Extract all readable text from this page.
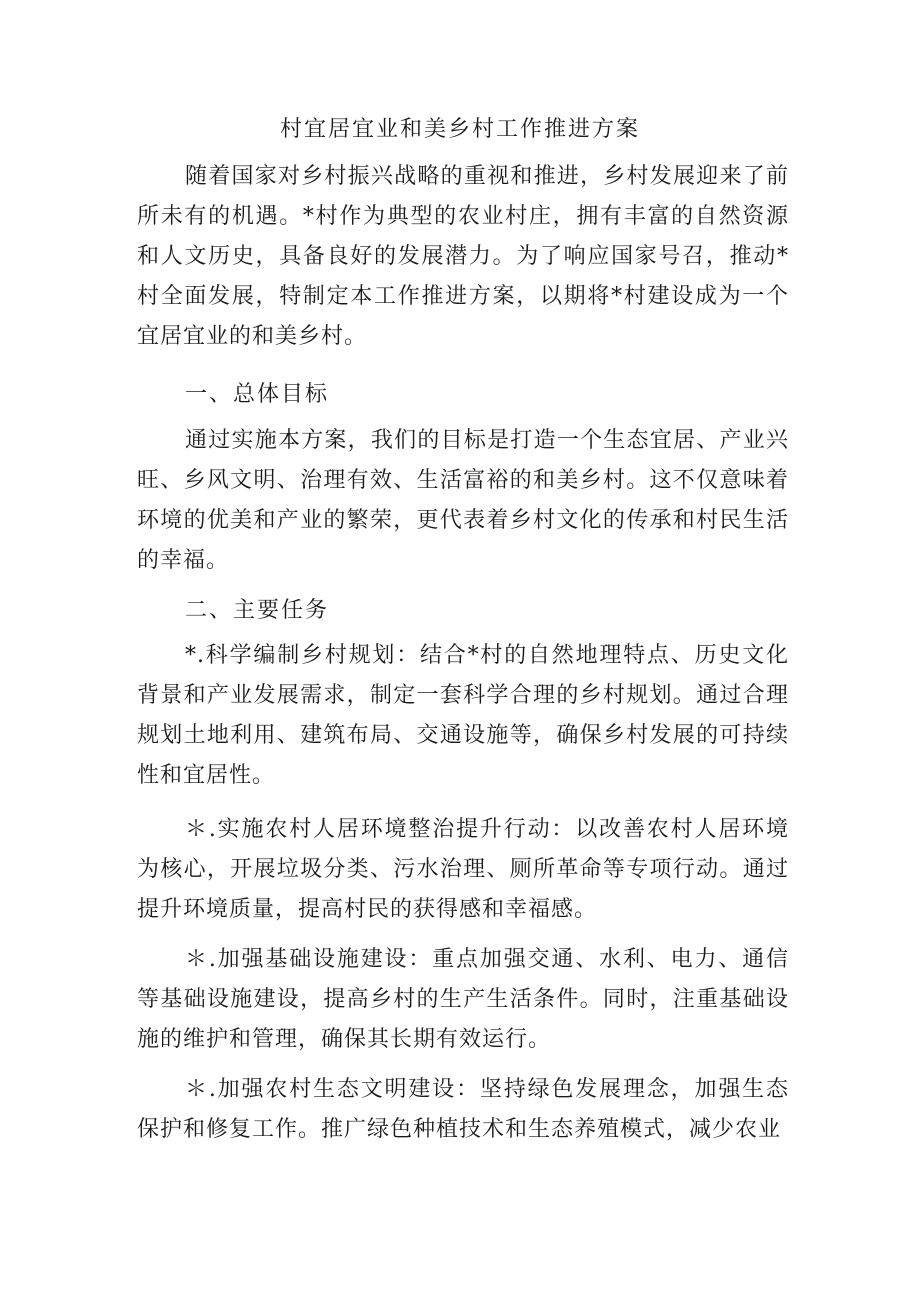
村宜居宜业和美乡村工作推进方案

随着国家对乡村振兴战略的重视和推进，乡村发展迎来了前所未有的机遇。*村作为典型的农业村庄，拥有丰富的自然资源和人文历史，具备良好的发展潜力。为了响应国家号召，推动*村全面发展，特制定本工作推进方案，以期将*村建设成为一个宜居宜业的和美乡村。

一、总体目标

通过实施本方案，我们的目标是打造一个生态宜居、产业兴旺、乡风文明、治理有效、生活富裕的和美乡村。这不仅意味着环境的优美和产业的繁荣，更代表着乡村文化的传承和村民生活的幸福。

二、主要任务

*.科学编制乡村规划：结合*村的自然地理特点、历史文化背景和产业发展需求，制定一套科学合理的乡村规划。通过合理规划土地利用、建筑布局、交通设施等，确保乡村发展的可持续性和宜居性。

＊.实施农村人居环境整治提升行动：以改善农村人居环境为核心，开展垃圾分类、污水治理、厕所革命等专项行动。通过提升环境质量，提高村民的获得感和幸福感。

＊.加强基础设施建设：重点加强交通、水利、电力、通信等基础设施建设，提高乡村的生产生活条件。同时，注重基础设施的维护和管理，确保其长期有效运行。

＊.加强农村生态文明建设：坚持绿色发展理念，加强生态保护和修复工作。推广绿色种植技术和生态养殖模式，减少农业
